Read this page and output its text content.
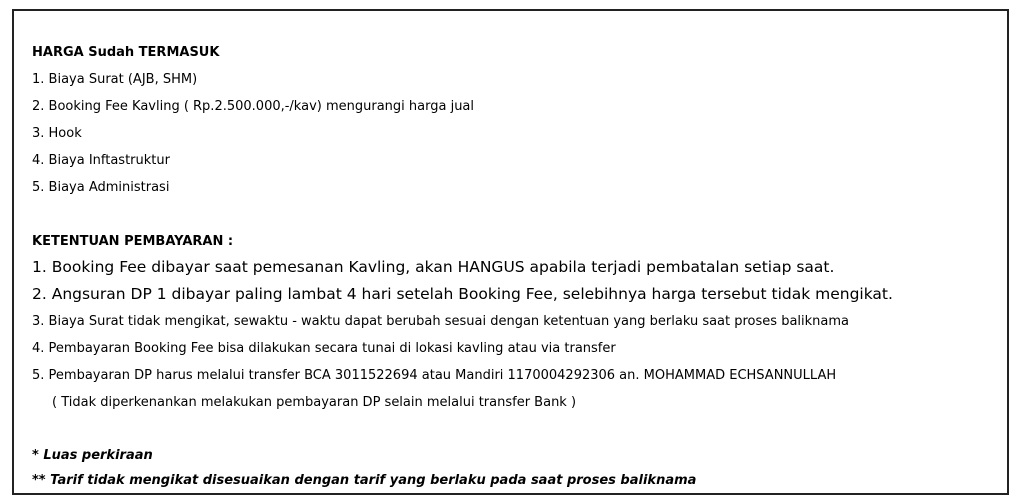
HARGA Sudah TERMASUK
1. Biaya Surat (AJB, SHM)
2. Booking Fee Kavling ( Rp.2.500.000,-/kav) mengurangi harga jual
3. Hook
4. Biaya Inftastruktur
5. Biaya Administrasi
KETENTUAN PEMBAYARAN :
1. Booking Fee dibayar saat pemesanan Kavling, akan HANGUS apabila terjadi pembatalan setiap saat.
2. Angsuran DP 1 dibayar paling lambat 4 hari setelah Booking Fee, selebihnya harga tersebut tidak mengikat.
3. Biaya Surat tidak mengikat, sewaktu - waktu dapat berubah sesuai dengan ketentuan yang berlaku saat proses baliknama
4. Pembayaran Booking Fee bisa dilakukan secara tunai di lokasi kavling atau via transfer
5. Pembayaran DP harus melalui transfer BCA 3011522694 atau Mandiri 1170004292306 an. MOHAMMAD ECHSANNULLAH
( Tidak diperkenankan melakukan pembayaran DP selain melalui transfer Bank )
* Luas perkiraan
** Tarif tidak mengikat disesuaikan dengan tarif yang berlaku pada saat proses baliknama
